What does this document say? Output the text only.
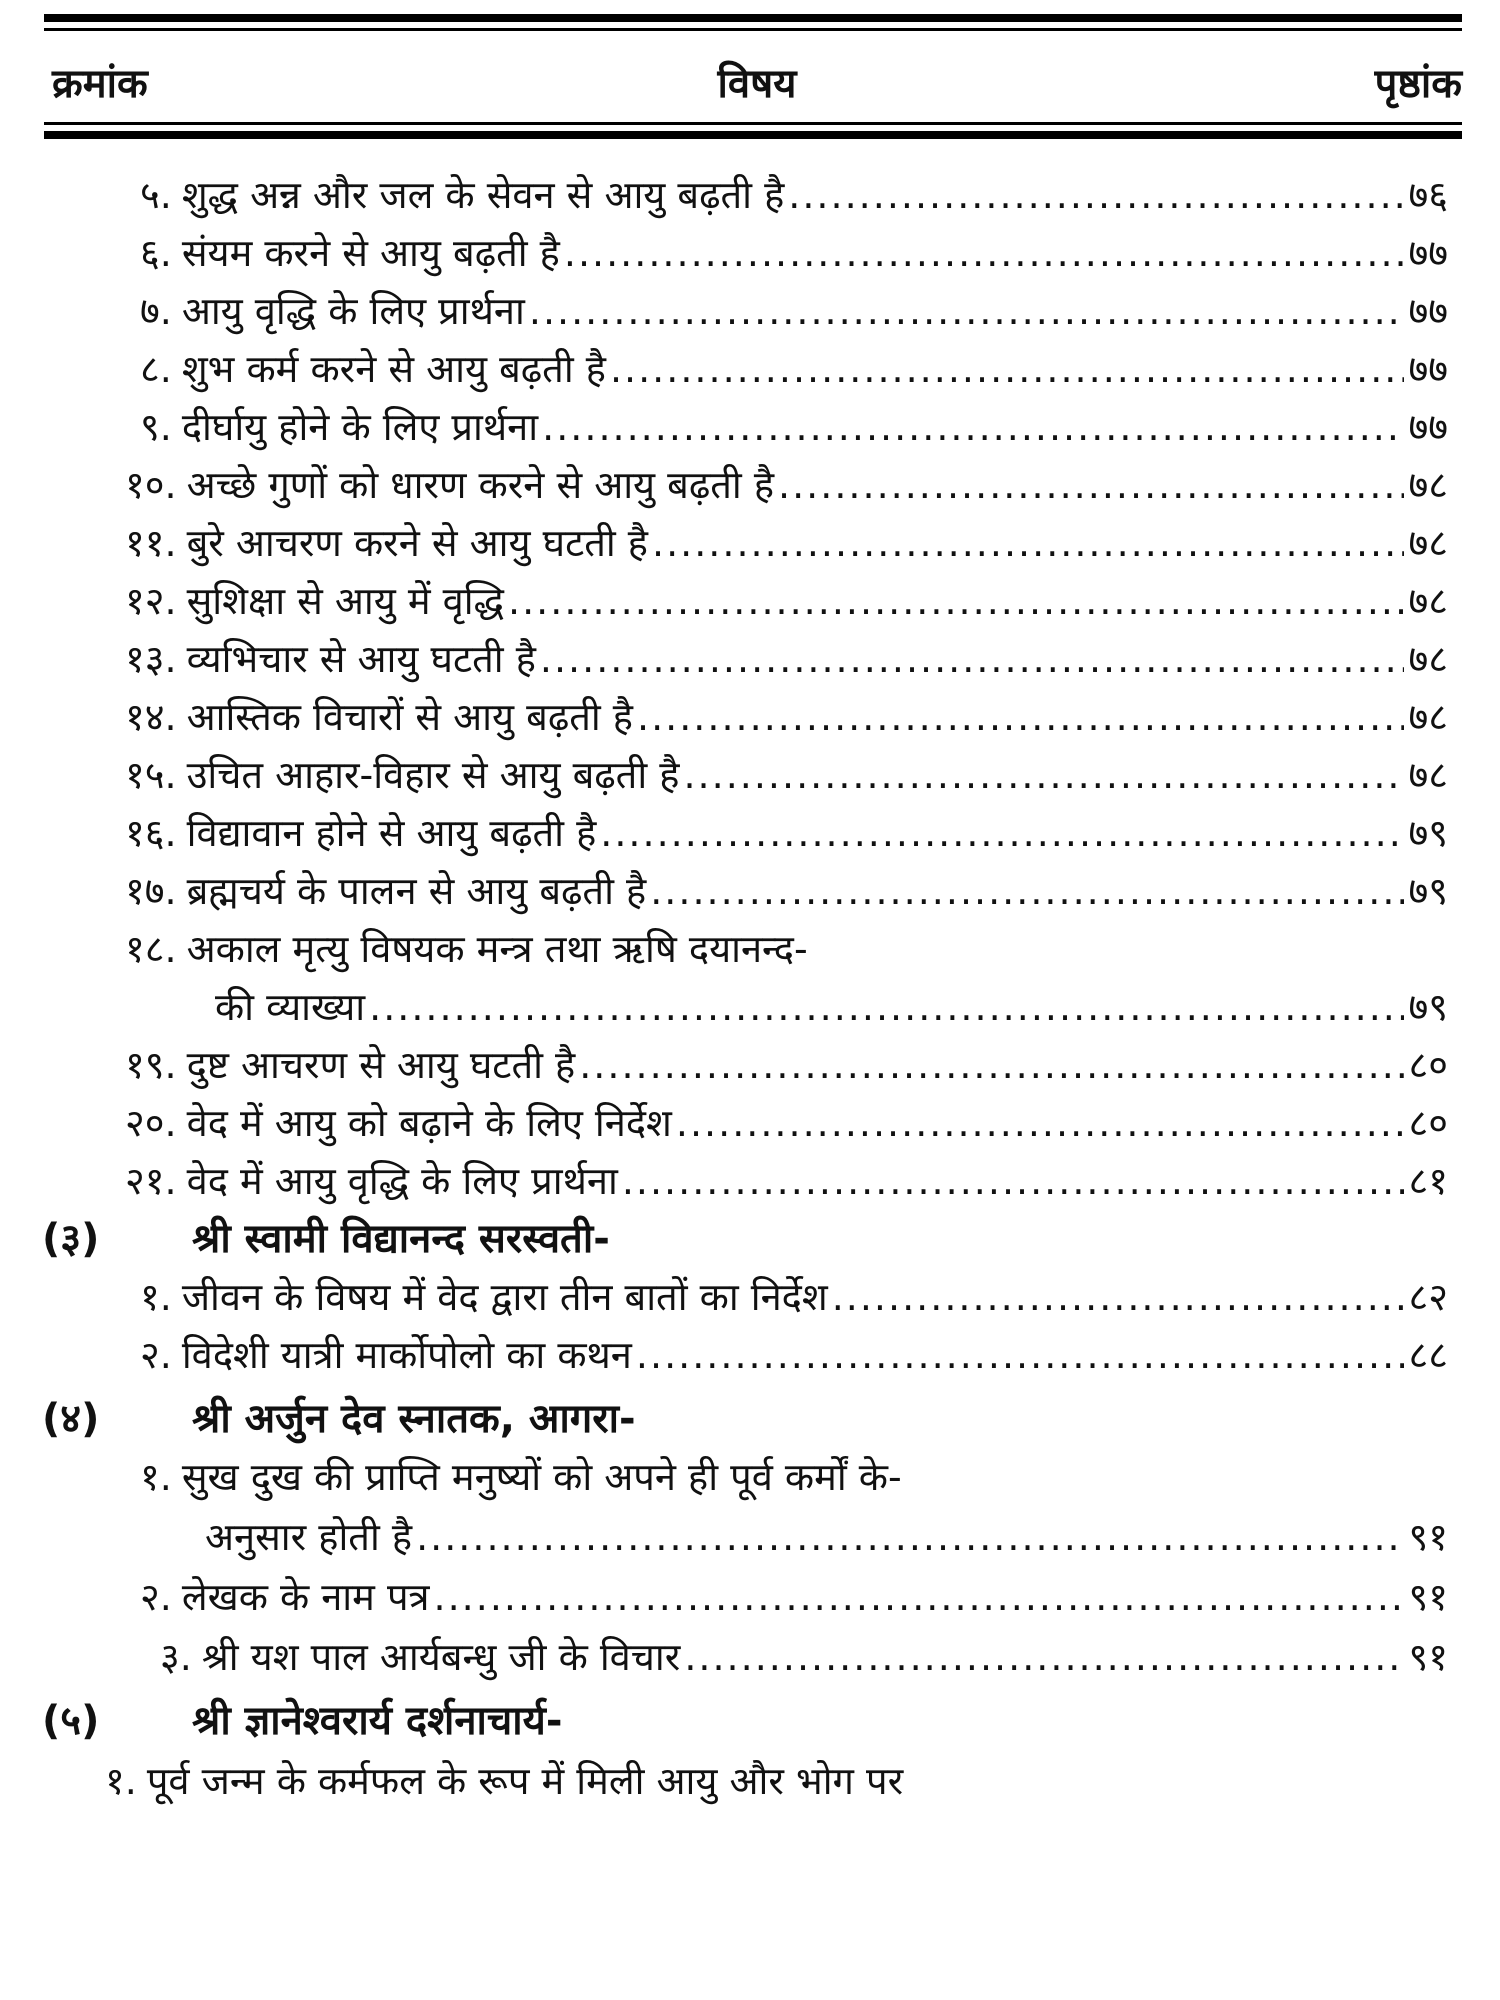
क्रमांक	विषय	पृष्ठांक
५. शुद्ध अन्न और जल के सेवन से आयु बढ़ती है .....	७६
६. संयम करने से आयु बढ़ती है .....	७७
७. आयु वृद्धि के लिए प्रार्थना .....	७७
८. शुभ कर्म करने से आयु बढ़ती है .....	७७
९. दीर्घायु होने के लिए प्रार्थना .....	७७
१०. अच्छे गुणों को धारण करने से आयु बढ़ती है .....	७८
११. बुरे आचरण करने से आयु घटती है .....	७८
१२. सुशिक्षा से आयु में वृद्धि .....	७८
१३. व्यभिचार से आयु घटती है .....	७८
१४. आस्तिक विचारों से आयु बढ़ती है .....	७८
१५. उचित आहार-विहार से आयु बढ़ती है .....	७८
१६. विद्यावान होने से आयु बढ़ती है .....	७९
१७. ब्रह्मचर्य के पालन से आयु बढ़ती है .....	७९
१८. अकाल मृत्यु विषयक मन्त्र तथा ऋषि दयानन्द-
की व्याख्या .....	७९
१९. दुष्ट आचरण से आयु घटती है .....	८०
२०. वेद में आयु को बढ़ाने के लिए निर्देश .....	८०
२१. वेद में आयु वृद्धि के लिए प्रार्थना .....	८१
(३)	श्री स्वामी विद्यानन्द सरस्वती-
१. जीवन के विषय में वेद द्वारा तीन बातों का निर्देश .....	८२
२. विदेशी यात्री मार्कोपोलो का कथन .....	८८
(४)	श्री अर्जुन देव स्नातक, आगरा-
१. सुख दुख की प्राप्ति मनुष्यों को अपने ही पूर्व कर्मों के-
अनुसार होती है .....	९१
२. लेखक के नाम पत्र .....	९१
३. श्री यश पाल आर्यबन्धु जी के विचार .....	९१
(५)	श्री ज्ञानेश्वरार्य दर्शनाचार्य-
१. पूर्व जन्म के कर्मफल के रूप में मिली आयु और भोग पर
